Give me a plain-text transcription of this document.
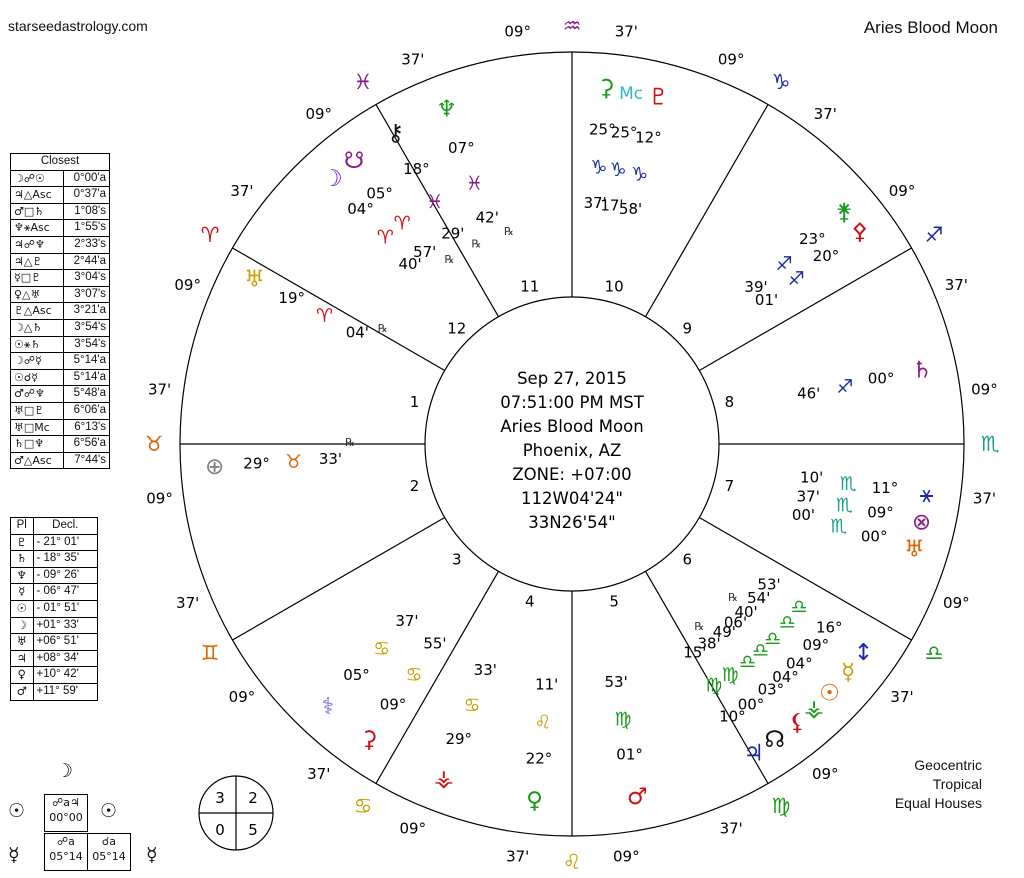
starseedastrology.com	Aries Blood Moon
Closest	
☽☍☉	0°00'a
♃△Asc	0°37'a
♂□♄	1°08's
♆⚹Asc	1°55's
♃☍♆	2°33's
♃△♇	2°44'a
☿□♇	3°04's
♀△♅	3°07's
♇△Asc	3°21'a
☽△♄	3°54's
☉⚹♄	3°54's
☽☍☿	5°14'a
☉☌☿	5°14'a
♂☍♆	5°48'a
♅□♇	6°06'a
♅□Mc	6°13's
♄□♆	6°56'a
♂△Asc	7°44's
Pl	Decl.
♇	- 21° 01'
♄	- 18° 35'
♆	- 09° 26'
☿	- 06° 47'
☉	- 01° 51'
☽	+01° 33'
♅	+06° 51'
♃	+08° 34'
♀	+10° 42'
♂	+11° 59'
☽
☉	☉
☿	☿
☍a♃
00°00
☍a
05°14
☌a
05°14
3 2
0 5
Geocentric
Tropical
Equal Houses
10
9
8
7
6
5
4
3
2
1
12
11
♒
09°	37'
♑
09°
37'
♐
09°
37'
♏
09°
37'
♎
09°
37'
♍
09°
37'
♌ 09°
37'
♋
09°
37'
♊
09°
37'
♉
09°
37'
♈
09°
37'
♓
09°
37'
♇
12°
♑
58'
Mc
25°
♑
17'
⚳
25°
♑
37'
⚴
20°
♐
01'
⚵
23°
♐
39'
♄
00°
♐
46'
⚹
11°
♏
10'
⊗
09°
♏
37'
♅
00°
♏
00'
↕
16°
♎
53'
☿
09°
♎
54'
℞
☉
04°
♎
40'
⚶
04°
♎
06'
⚸
03°
♎
49'
℞
☊
00°
♍
38'
♃
10°
♍
15'
♂
01°
♍
53'
♀
22°
♌
11'
⚶
29°
♋
33'
⚳
09°
♋
55'
⚕
05°
♋
37'
⊕ 29° ♉ 33'
℞
♅
19°
♈
04' ℞
☽
04°
♈
40'
☋
05°
♈
57' ℞
⚷
18°
♓
29'
℞
♆
07°
♓
42'
℞
Sep 27, 2015
07:51:00 PM MST
Aries Blood Moon
Phoenix, AZ
ZONE: +07:00
112W04'24"
33N26'54"
